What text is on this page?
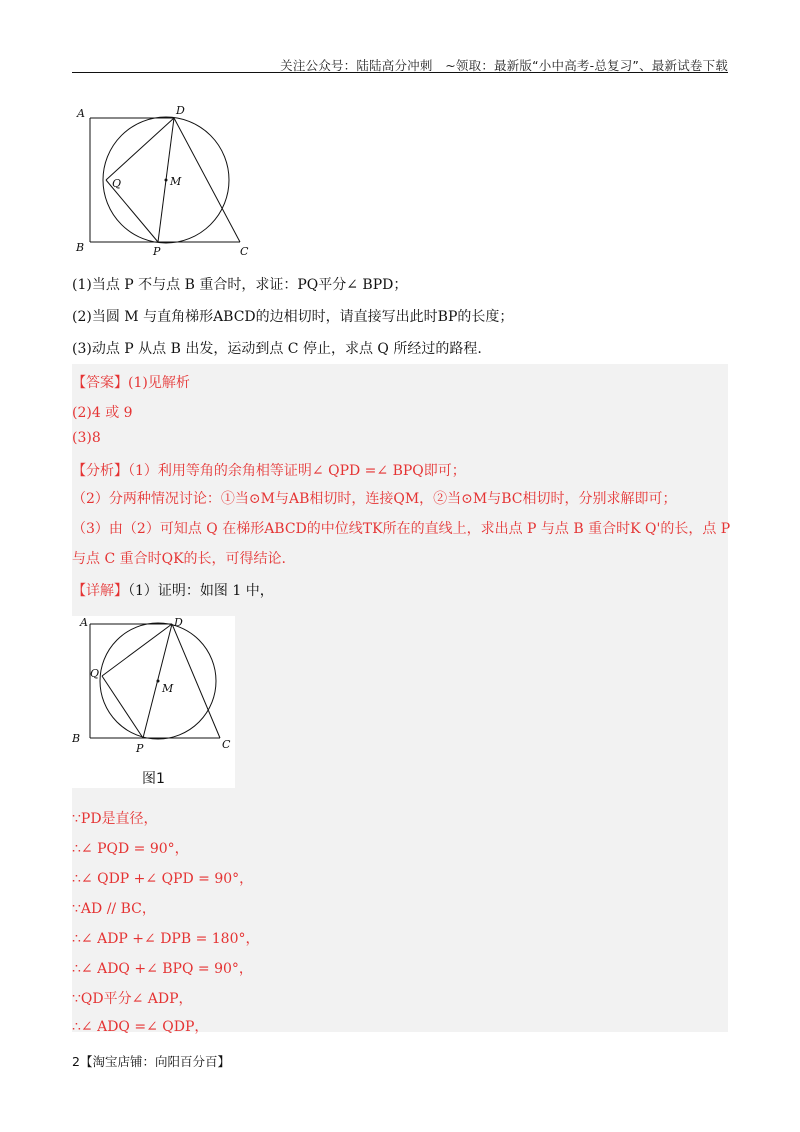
关注公众号：陆陆高分冲刺　~领取：最新版“小中高考-总复习”、最新试卷下载
A	D
Q	M
B	P	C
(1)当点 P 不与点 B 重合时，求证：PQ平分∠ BPD；
(2)当圆 M 与直角梯形ABCD的边相切时，请直接写出此时BP的长度；
(3)动点 P 从点 B 出发，运动到点 C 停止，求点 Q 所经过的路程.
【答案】(1)见解析
(2)4 或 9
(3)8
【分析】（1）利用等角的余角相等证明∠ QPD =∠ BPQ即可；
（2）分两种情况讨论：①当⊙M与AB相切时，连接QM，②当⊙M与BC相切时，分别求解即可；
（3）由（2）可知点 Q 在梯形ABCD的中位线TK所在的直线上，求出点 P 与点 B 重合时K Q'的长，点 P
与点 C 重合时QK的长，可得结论.
【详解】（1）证明：如图 1 中，
A	D
Q
M
B
P	C
图1
∵PD是直径，
∴∠ PQD = 90°，
∴∠ QDP +∠ QPD = 90°，
∵AD // BC，
∴∠ ADP +∠ DPB = 180°，
∴∠ ADQ +∠ BPQ = 90°，
∵QD平分∠ ADP，
∴∠ ADQ =∠ QDP，
2【淘宝店铺：向阳百分百】
